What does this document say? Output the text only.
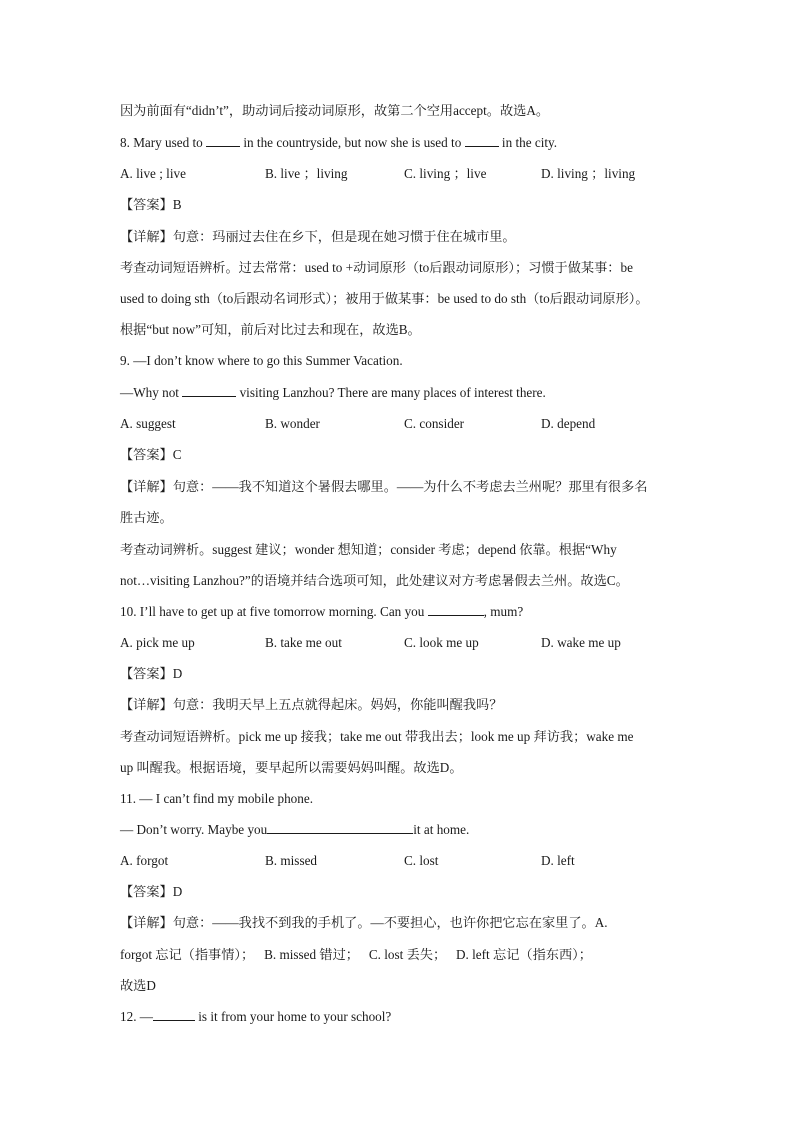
因为前面有“didn’t”，助动词后接动词原形，故第二个空用accept。故选A。
8. Mary used to	in the countryside, but now she is used to	in the city.
A. live ; live	B. live ；living	C. living ；live	D. living ；living
【答案】B
【详解】句意：玛丽过去住在乡下，但是现在她习惯于住在城市里。
考查动词短语辨析。过去常常：used to +动词原形（to后跟动词原形）；习惯于做某事：be
used to doing sth（to后跟动名词形式）；被用于做某事：be used to do sth（to后跟动词原形）。
根据“but now”可知，前后对比过去和现在，故选B。
9. —I don’t know where to go this Summer Vacation.
—Why not	visiting Lanzhou? There are many places of interest there.
A. suggest	B. wonder	C. consider	D. depend
【答案】C
【详解】句意：——我不知道这个暑假去哪里。——为什么不考虑去兰州呢？那里有很多名
胜古迹。
考查动词辨析。suggest 建议；wonder 想知道；consider 考虑；depend 依靠。根据“Why
not…visiting Lanzhou?”的语境并结合选项可知，此处建议对方考虑暑假去兰州。故选C。
10. I’ll have to get up at five tomorrow morning. Can you	, mum?
A. pick me up	B. take me out	C. look me up	D. wake me up
【答案】D
【详解】句意：我明天早上五点就得起床。妈妈，你能叫醒我吗？
考查动词短语辨析。pick me up 接我；take me out 带我出去；look me up 拜访我；wake me
up 叫醒我。根据语境，要早起所以需要妈妈叫醒。故选D。
11. — I can’t find my mobile phone.
— Don’t worry. Maybe you	it at home.
A. forgot	B. missed	C. lost	D. left
【答案】D
【详解】句意：——我找不到我的手机了。—不要担心，也许你把它忘在家里了。A.
forgot 忘记（指事情）；　 B. missed 错过；　 C. lost 丢失；　 D. left 忘记（指东西）；
故选D
12. —	is it from your home to your school?
